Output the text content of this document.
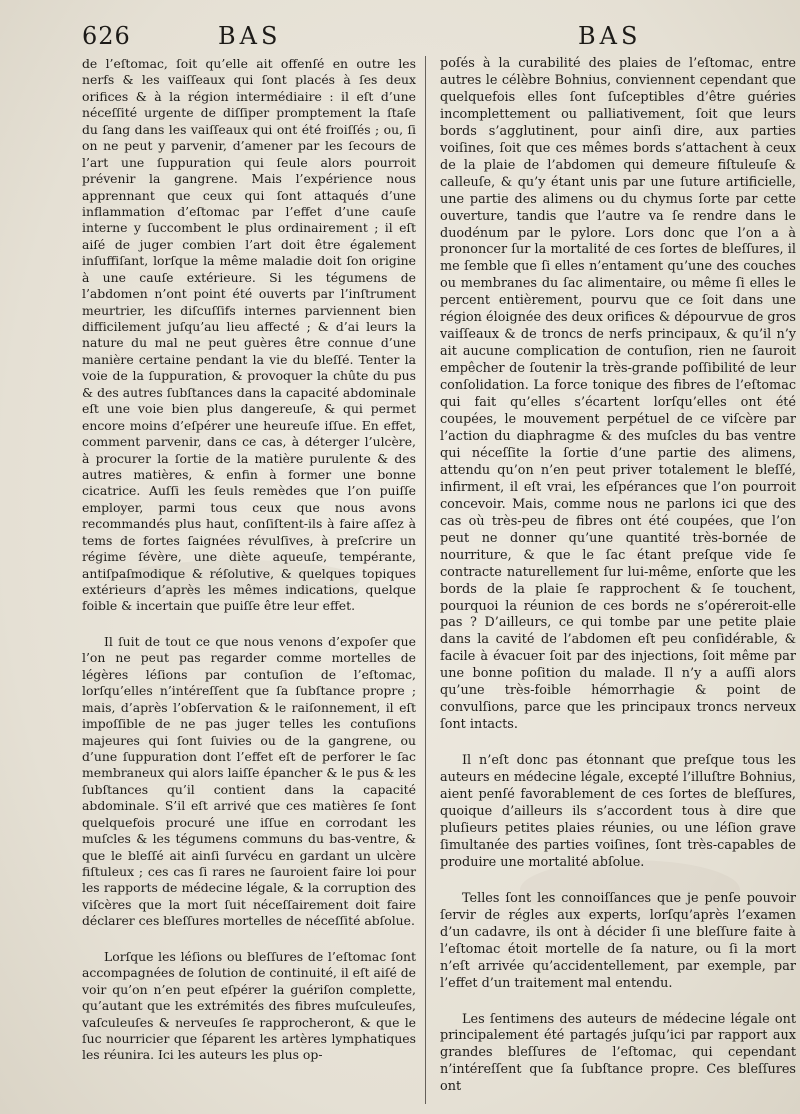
626	BAS	BAS

de l’eſtomac, ſoit qu’elle ait offenſé en outre les nerfs & les vaiſſeaux qui ſont placés à ſes deux orifices & à la région intermédiaire : il eſt d’une néceſſité urgente de diſſiper promptement la ſtaſe du ſang dans les vaiſſeaux qui ont été froiſſés ; ou, ſi on ne peut y parvenir, d’amener par les ſecours de l’art une ſuppuration qui ſeule alors pourroit prévenir la gangrene. Mais l’expérience nous apprennant que ceux qui ſont attaqués d’une inflammation d’eſtomac par l’effet d’une cauſe interne y ſuccombent le plus ordinairement ; il eſt aiſé de juger combien l’art doit être également inſuffiſant, lorſque la même maladie doit ſon origine à une cauſe extérieure. Si les tégumens de l’abdomen n’ont point été ouverts par l’inſtrument meurtrier, les diſcuſſifs internes parviennent bien difficilement juſqu’au lieu affecté ; & d’ai leurs la nature du mal ne peut guères être connue d’une manière certaine pendant la vie du bleſſé. Tenter la voie de la ſuppuration, & provoquer la chûte du pus & des autres ſubſtances dans la capacité abdominale eſt une voie bien plus dangereuſe, & qui permet encore moins d’eſpérer une heureuſe iſſue. En effet, comment parvenir, dans ce cas, à déterger l’ulcère, à procurer la ſortie de la matière purulente & des autres matières, & enfin à former une bonne cicatrice. Auſſi les ſeuls remèdes que l’on puiſſe employer, parmi tous ceux que nous avons recommandés plus haut, conſiſtent-ils à faire aſſez à tems de fortes ſaignées révulſives, à preſcrire un régime ſévère, une diète aqueuſe, tempérante, antiſpaſmodique & réſolutive, & quelques topiques extérieurs d’après les mêmes indications, quelque foible & incertain que puiſſe être leur effet.

Il ſuit de tout ce que nous venons d’expoſer que l’on ne peut pas regarder comme mortelles de légères léſions par contuſion de l’eſtomac, lorſqu’elles n’intéreſſent que ſa ſubſtance propre ; mais, d’après l’obſervation & le raiſonnement, il eſt impoſſible de ne pas juger telles les contuſions majeures qui ſont ſuivies ou de la gangrene, ou d’une ſuppuration dont l’effet eſt de perforer le ſac membraneux qui alors laiſſe épancher & le pus & les ſubſtances qu’il contient dans la capacité abdominale. S’il eſt arrivé que ces matières ſe ſont quelquefois procuré une iſſue en corrodant les muſcles & les tégumens communs du bas-ventre, & que le bleſſé ait ainſi ſurvécu en gardant un ulcère fiſtuleux ; ces cas ſi rares ne ſauroient faire loi pour les rapports de médecine légale, & la corruption des viſcères que la mort ſuit néceſſairement doit faire déclarer ces bleſſures mortelles de néceſſité abſolue.

Lorſque les léſions ou bleſſures de l’eſtomac ſont accompagnées de ſolution de continuité, il eſt aiſé de voir qu’on n’en peut eſpérer la guériſon complette, qu’autant que les extrémités des fibres muſculeuſes, vaſculeuſes & nerveuſes ſe rapprocheront, & que le ſuc nourricier que ſéparent les artères lymphatiques les réunira. Ici les auteurs les plus op-

poſés à la curabilité des plaies de l’eſtomac, entre autres le célèbre Bohnius, conviennent cependant que quelquefois elles ſont ſuſceptibles d’être guéries incomplettement ou palliativement, ſoit que leurs bords s’agglutinent, pour ainſi dire, aux parties voiſines, ſoit que ces mêmes bords s’attachent à ceux de la plaie de l’abdomen qui demeure fiſtuleuſe & calleuſe, & qu’y étant unis par une ſuture artificielle, une partie des alimens ou du chymus ſorte par cette ouverture, tandis que l’autre va ſe rendre dans le duodénum par le pylore. Lors donc que l’on a à prononcer ſur la mortalité de ces ſortes de bleſſures, il me ſemble que ſi elles n’entament qu’une des couches ou membranes du ſac alimentaire, ou même ſi elles le percent entièrement, pourvu que ce ſoit dans une région éloignée des deux orifices & dépourvue de gros vaiſſeaux & de troncs de nerfs principaux, & qu’il n’y ait aucune complication de contuſion, rien ne ſauroit empêcher de ſoutenir la très-grande poſſibilité de leur conſolidation. La force tonique des fibres de l’eſtomac qui fait qu’elles s’écartent lorſqu’elles ont été coupées, le mouvement perpétuel de ce viſcère par l’action du diaphragme & des muſcles du bas ventre qui néceſſite la ſortie d’une partie des alimens, attendu qu’on n’en peut priver totalement le bleſſé, infirment, il eſt vrai, les eſpérances que l’on pourroit concevoir. Mais, comme nous ne parlons ici que des cas où très-peu de fibres ont été coupées, que l’on peut ne donner qu’une quantité très-bornée de nourriture, & que le ſac étant preſque vide ſe contracte naturellement ſur lui-même, enſorte que les bords de la plaie ſe rapprochent & ſe touchent, pourquoi la réunion de ces bords ne s’opéreroit-elle pas ? D’ailleurs, ce qui tombe par une petite plaie dans la cavité de l’abdomen eſt peu conſidérable, & facile à évacuer ſoit par des injections, ſoit même par une bonne poſition du malade. Il n’y a auſſi alors qu’une très-foible hémorrhagie & point de convulſions, parce que les principaux troncs nerveux ſont intacts.

Il n’eſt donc pas étonnant que preſque tous les auteurs en médecine légale, excepté l’illuſtre Bohnius, aient penſé favorablement de ces ſortes de bleſſures, quoique d’ailleurs ils s’accordent tous à dire que pluſieurs petites plaies réunies, ou une léſion grave ſimultanée des parties voiſines, ſont très-capables de produire une mortalité abſolue.

Telles ſont les connoiſſances que je penſe pouvoir ſervir de régles aux experts, lorſqu’après l’examen d’un cadavre, ils ont à décider ſi une bleſſure faite à l’eſtomac étoit mortelle de ſa nature, ou ſi la mort n’eſt arrivée qu’accidentellement, par exemple, par l’effet d’un traitement mal entendu.

Les ſentimens des auteurs de médecine légale ont principalement été partagés juſqu’ici par rapport aux grandes bleſſures de l’eſtomac, qui cependant n’intéreſſent que ſa ſubſtance propre. Ces bleſſures ont
